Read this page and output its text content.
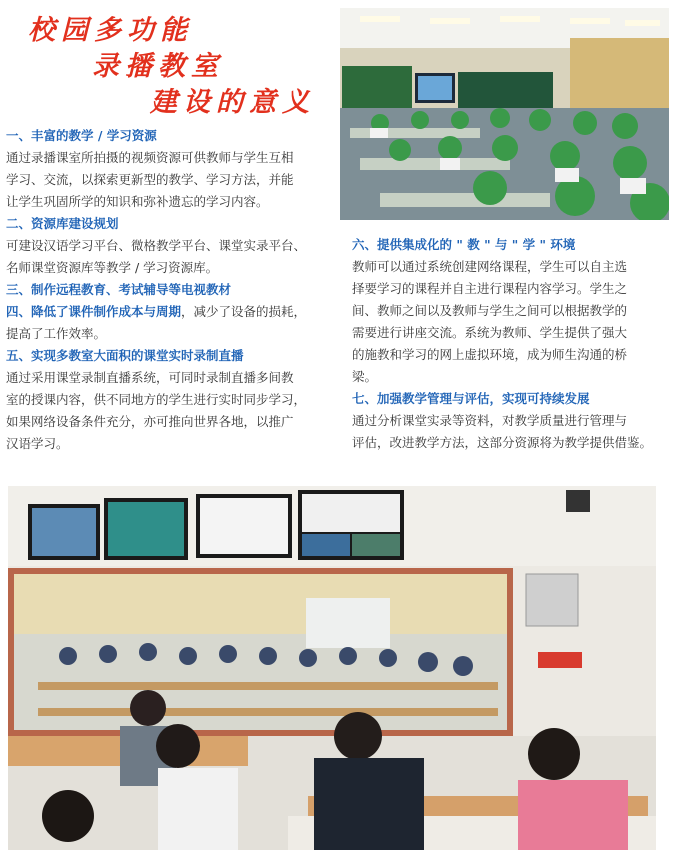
校园多功能
录播教室
建设的意义
一、丰富的教学 / 学习资源
通过录播课室所拍摄的视频资源可供教师与学生互相
学习、交流，以探索更新型的教学、学习方法，并能
让学生巩固所学的知识和弥补遗忘的学习内容。
二、资源库建设规划
可建设汉语学习平台、微格教学平台、课堂实录平台、
名师课堂资源库等教学 / 学习资源库。
三、制作远程教育、考试辅导等电视教材
四、降低了课件制作成本与周期，减少了设备的损耗，
提高了工作效率。
五、实现多教室大面积的课堂实时录制直播
通过采用课堂录制直播系统，可同时录制直播多间教
室的授课内容，供不同地方的学生进行实时同步学习，
如果网络设备条件充分，亦可推向世界各地，以推广
汉语学习。
六、提供集成化的 " 教 " 与 " 学 " 环境
教师可以通过系统创建网络课程，学生可以自主选
择要学习的课程并自主进行课程内容学习。学生之
间、教师之间以及教师与学生之间可以根据教学的
需要进行讲座交流。系统为教师、学生提供了强大
的施教和学习的网上虚拟环境，成为师生沟通的桥
梁。
七、加强教学管理与评估，实现可持续发展
通过分析课堂实录等资料，对教学质量进行管理与
评估，改进教学方法，这部分资源将为教学提供借鉴。
